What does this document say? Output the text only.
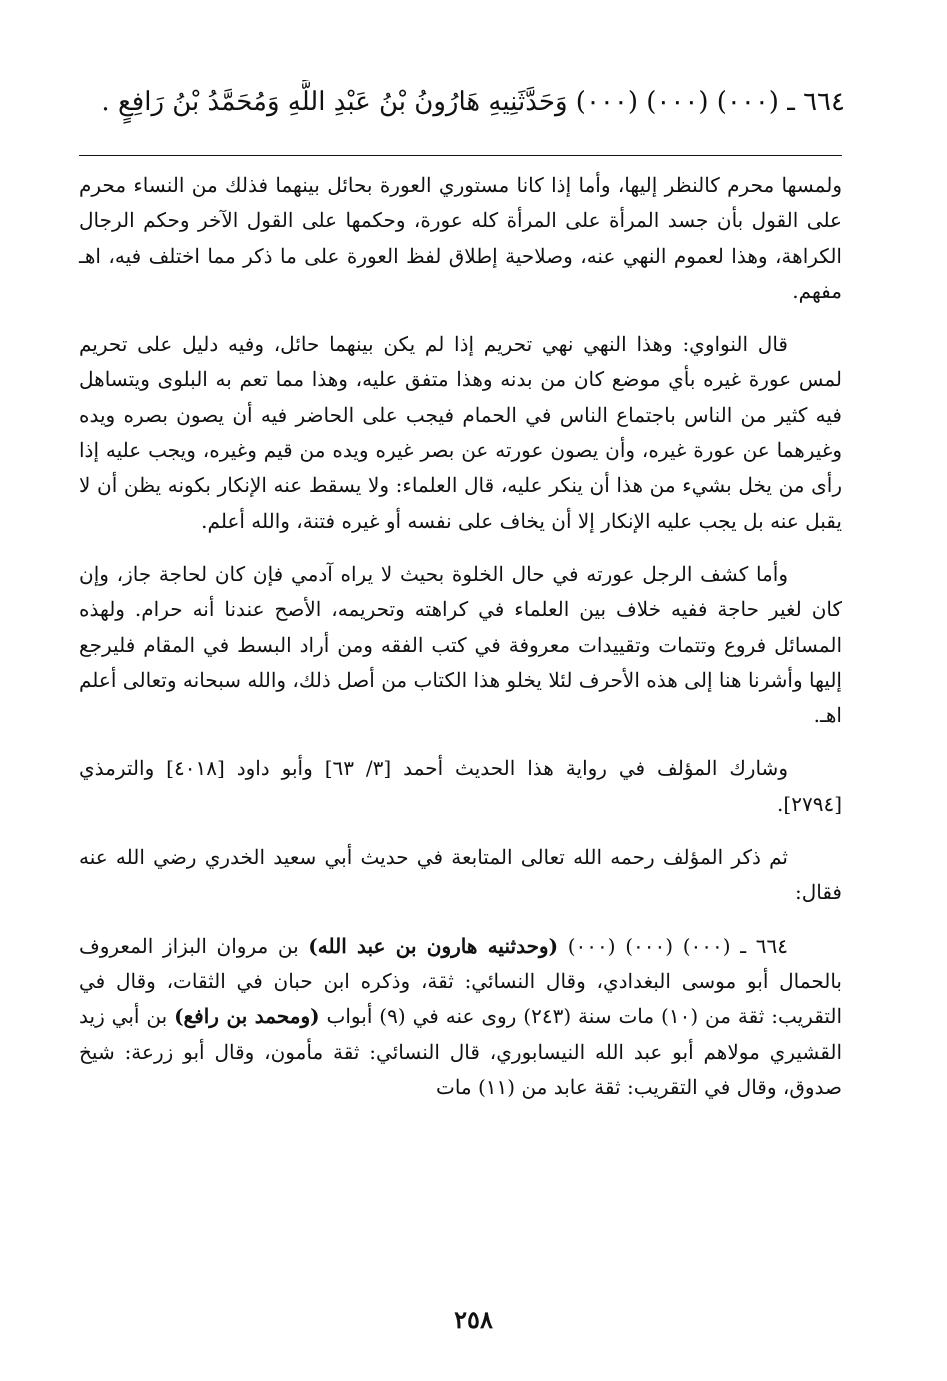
٦٦٤ ـ (٠٠٠) (٠٠٠) (٠٠٠) وَحَدَّثَنِيهِ هَارُونُ بْنُ عَبْدِ اللَّهِ وَمُحَمَّدُ بْنُ رَافِعٍ .

ولمسها محرم كالنظر إليها، وأما إذا كانا مستوري العورة بحائل بينهما فذلك من النساء محرم على القول بأن جسد المرأة على المرأة كله عورة، وحكمها على القول الآخر وحكم الرجال الكراهة، وهذا لعموم النهي عنه، وصلاحية إطلاق لفظ العورة على ما ذكر مما اختلف فيه، اهـ مفهم.

قال النواوي: وهذا النهي نهي تحريم إذا لم يكن بينهما حائل، وفيه دليل على تحريم لمس عورة غيره بأي موضع كان من بدنه وهذا متفق عليه، وهذا مما تعم به البلوى ويتساهل فيه كثير من الناس باجتماع الناس في الحمام فيجب على الحاضر فيه أن يصون بصره ويده وغيرهما عن عورة غيره، وأن يصون عورته عن بصر غيره ويده من قيم وغيره، ويجب عليه إذا رأى من يخل بشيء من هذا أن ينكر عليه، قال العلماء: ولا يسقط عنه الإنكار بكونه يظن أن لا يقبل عنه بل يجب عليه الإنكار إلا أن يخاف على نفسه أو غيره فتنة، والله أعلم.

وأما كشف الرجل عورته في حال الخلوة بحيث لا يراه آدمي فإن كان لحاجة جاز، وإن كان لغير حاجة ففيه خلاف بين العلماء في كراهته وتحريمه، الأصح عندنا أنه حرام. ولهذه المسائل فروع وتتمات وتقييدات معروفة في كتب الفقه ومن أراد البسط في المقام فليرجع إليها وأشرنا هنا إلى هذه الأحرف لئلا يخلو هذا الكتاب من أصل ذلك، والله سبحانه وتعالى أعلم اهـ.

وشارك المؤلف في رواية هذا الحديث أحمد [٣/ ٦٣] وأبو داود [٤٠١٨] والترمذي [٢٧٩٤].

ثم ذكر المؤلف رحمه الله تعالى المتابعة في حديث أبي سعيد الخدري رضي الله عنه فقال:

٦٦٤ ـ (٠٠٠) (٠٠٠) (٠٠٠) (وحدثنيه هارون بن عبد الله) بن مروان البزاز المعروف بالحمال أبو موسى البغدادي، وقال النسائي: ثقة، وذكره ابن حبان في الثقات، وقال في التقريب: ثقة من (١٠) مات سنة (٢٤٣) روى عنه في (٩) أبواب (ومحمد بن رافع) بن أبي زيد القشيري مولاهم أبو عبد الله النيسابوري، قال النسائي: ثقة مأمون، وقال أبو زرعة: شيخ صدوق، وقال في التقريب: ثقة عابد من (١١) مات

٢٥٨
